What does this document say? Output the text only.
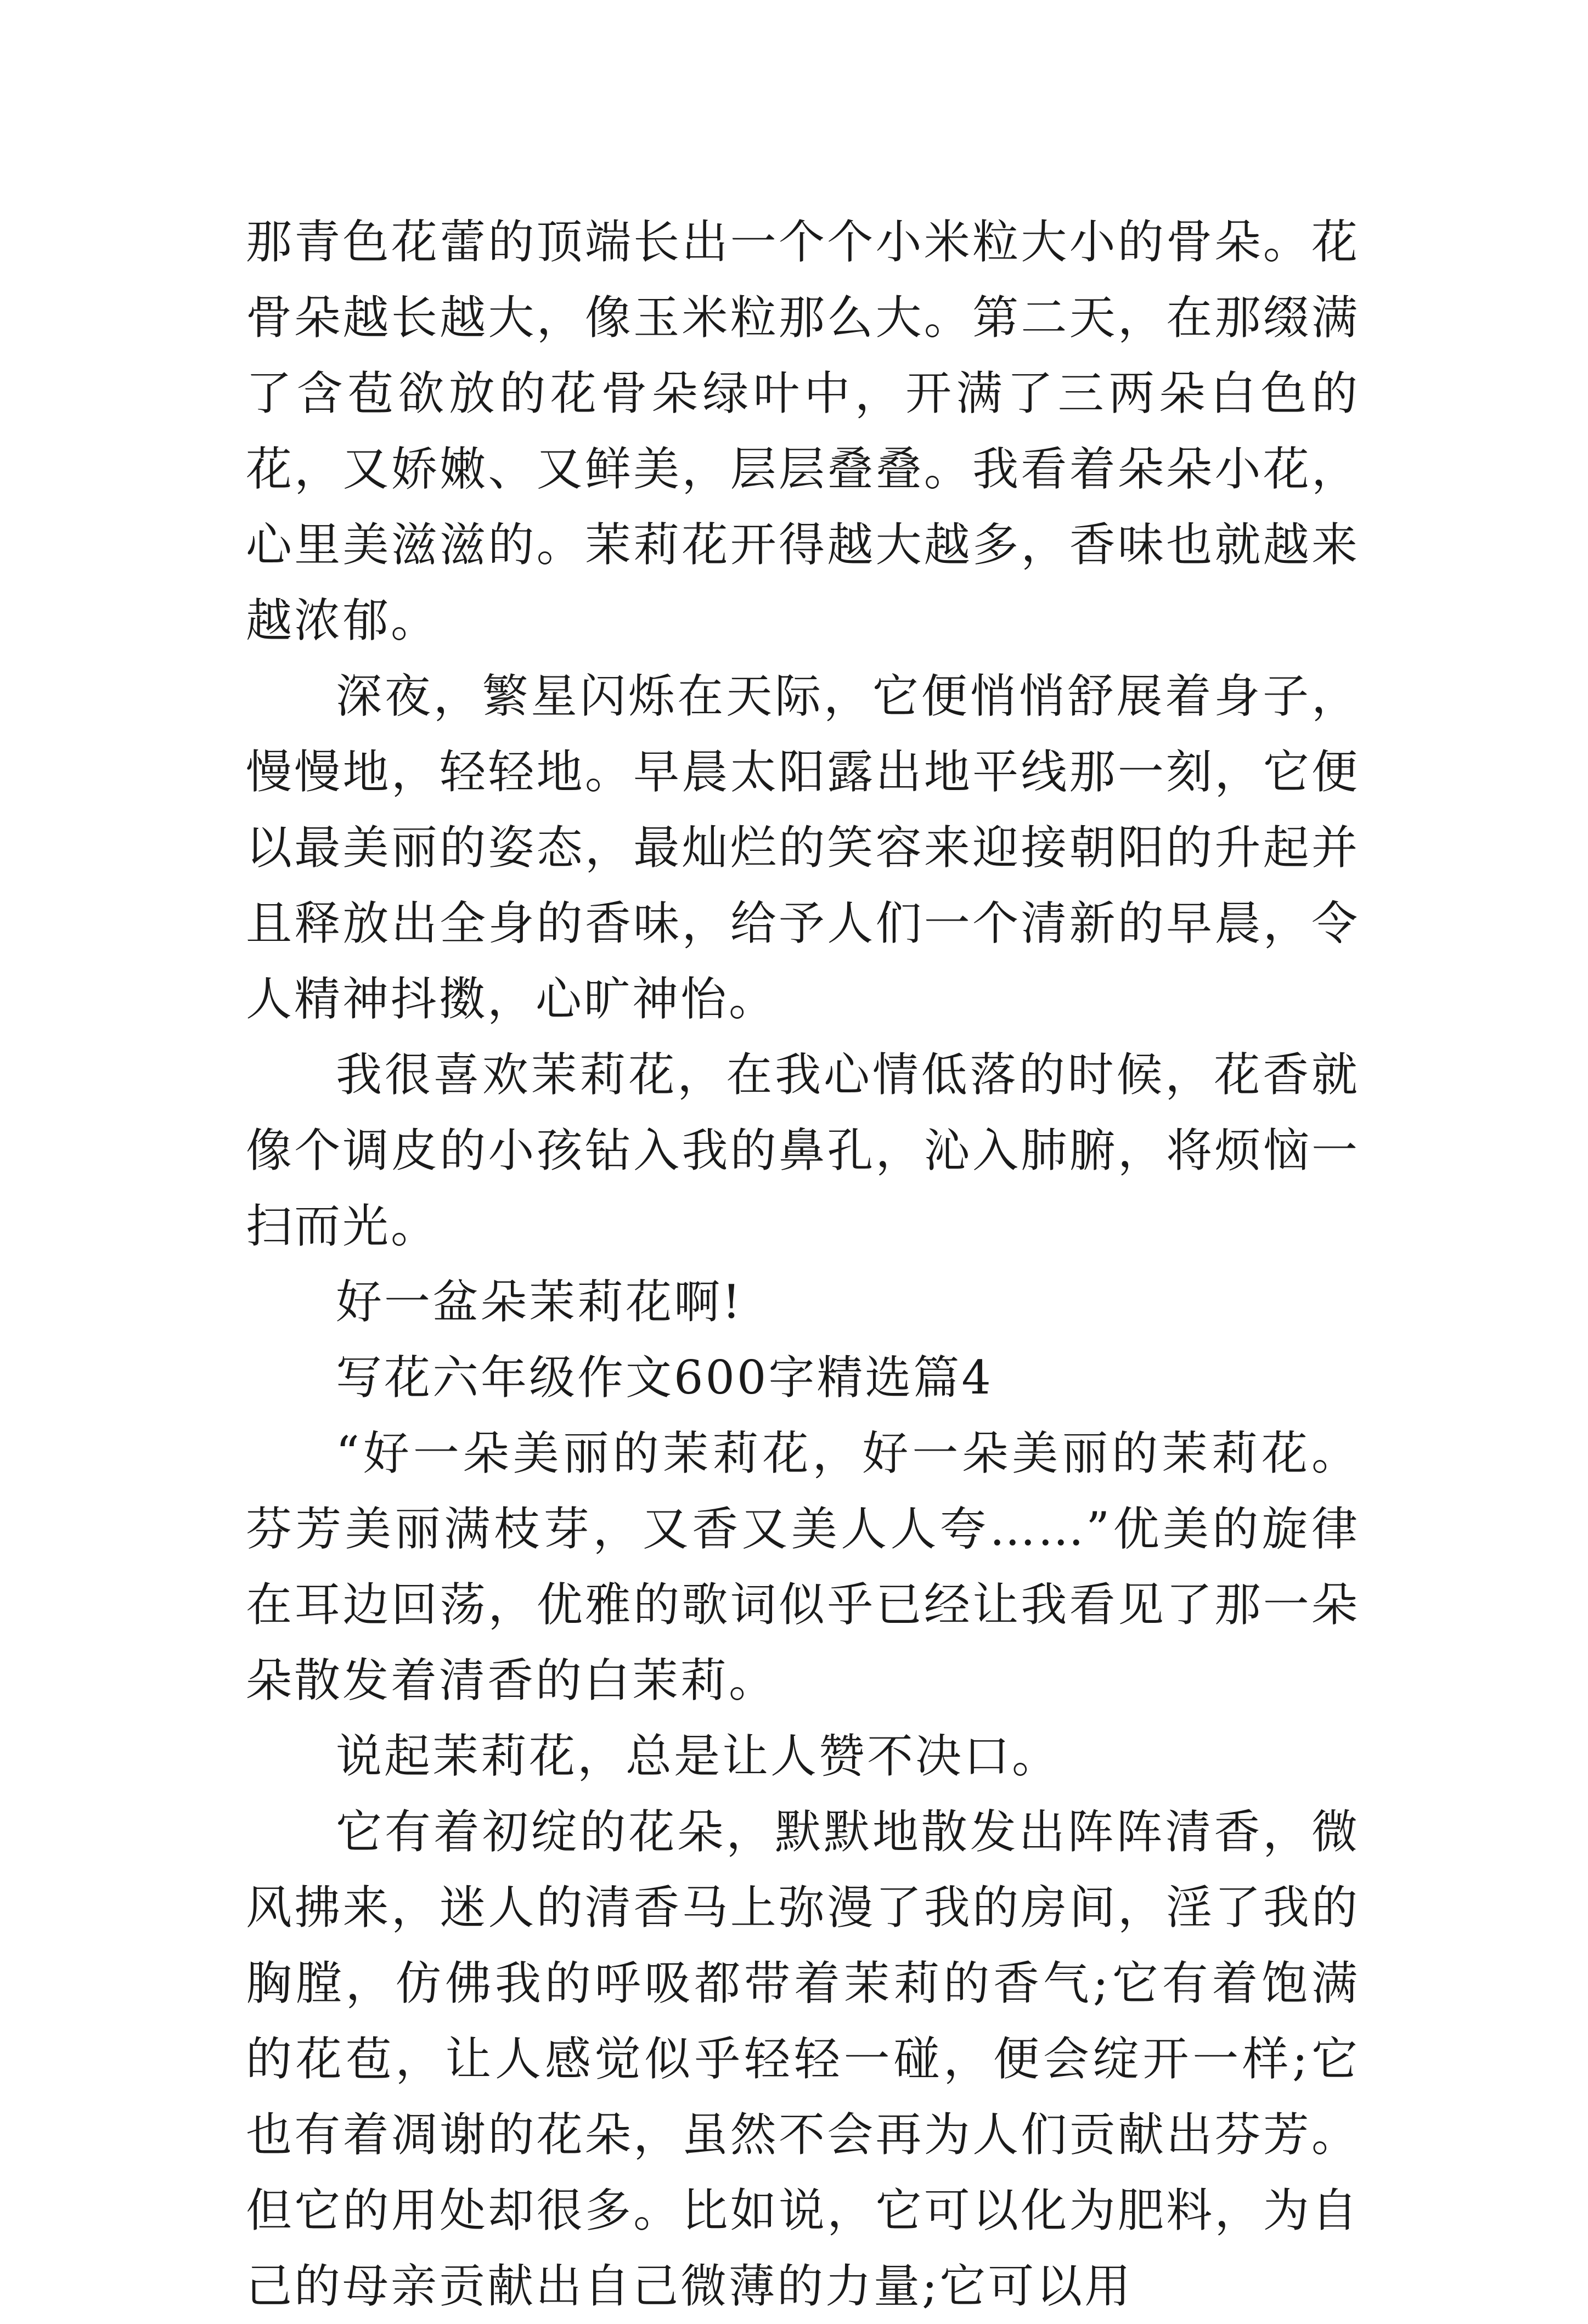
那青色花蕾的顶端长出一个个小米粒大小的骨朵。花骨朵越长越大，像玉米粒那么大。第二天，在那缀满了含苞欲放的花骨朵绿叶中，开满了三两朵白色的花，又娇嫩、又鲜美，层层叠叠。我看着朵朵小花，心里美滋滋的。茉莉花开得越大越多，香味也就越来越浓郁。

深夜，繁星闪烁在天际，它便悄悄舒展着身子，慢慢地，轻轻地。早晨太阳露出地平线那一刻，它便以最美丽的姿态，最灿烂的笑容来迎接朝阳的升起并且释放出全身的香味，给予人们一个清新的早晨，令人精神抖擞，心旷神怡。

我很喜欢茉莉花，在我心情低落的时候，花香就像个调皮的小孩钻入我的鼻孔，沁入肺腑，将烦恼一扫而光。

好一盆朵茉莉花啊!

写花六年级作文600字精选篇4

“好一朵美丽的茉莉花，好一朵美丽的茉莉花。芬芳美丽满枝芽，又香又美人人夸……”优美的旋律在耳边回荡，优雅的歌词似乎已经让我看见了那一朵朵散发着清香的白茉莉。

说起茉莉花，总是让人赞不决口。

它有着初绽的花朵，默默地散发出阵阵清香，微风拂来，迷人的清香马上弥漫了我的房间，淫了我的胸膛，仿佛我的呼吸都带着茉莉的香气;它有着饱满的花苞，让人感觉似乎轻轻一碰，便会绽开一样;它也有着凋谢的花朵，虽然不会再为人们贡献出芬芳。但它的用处却很多。比如说，它可以化为肥料，为自己的母亲贡献出自己微薄的力量;它可以用
